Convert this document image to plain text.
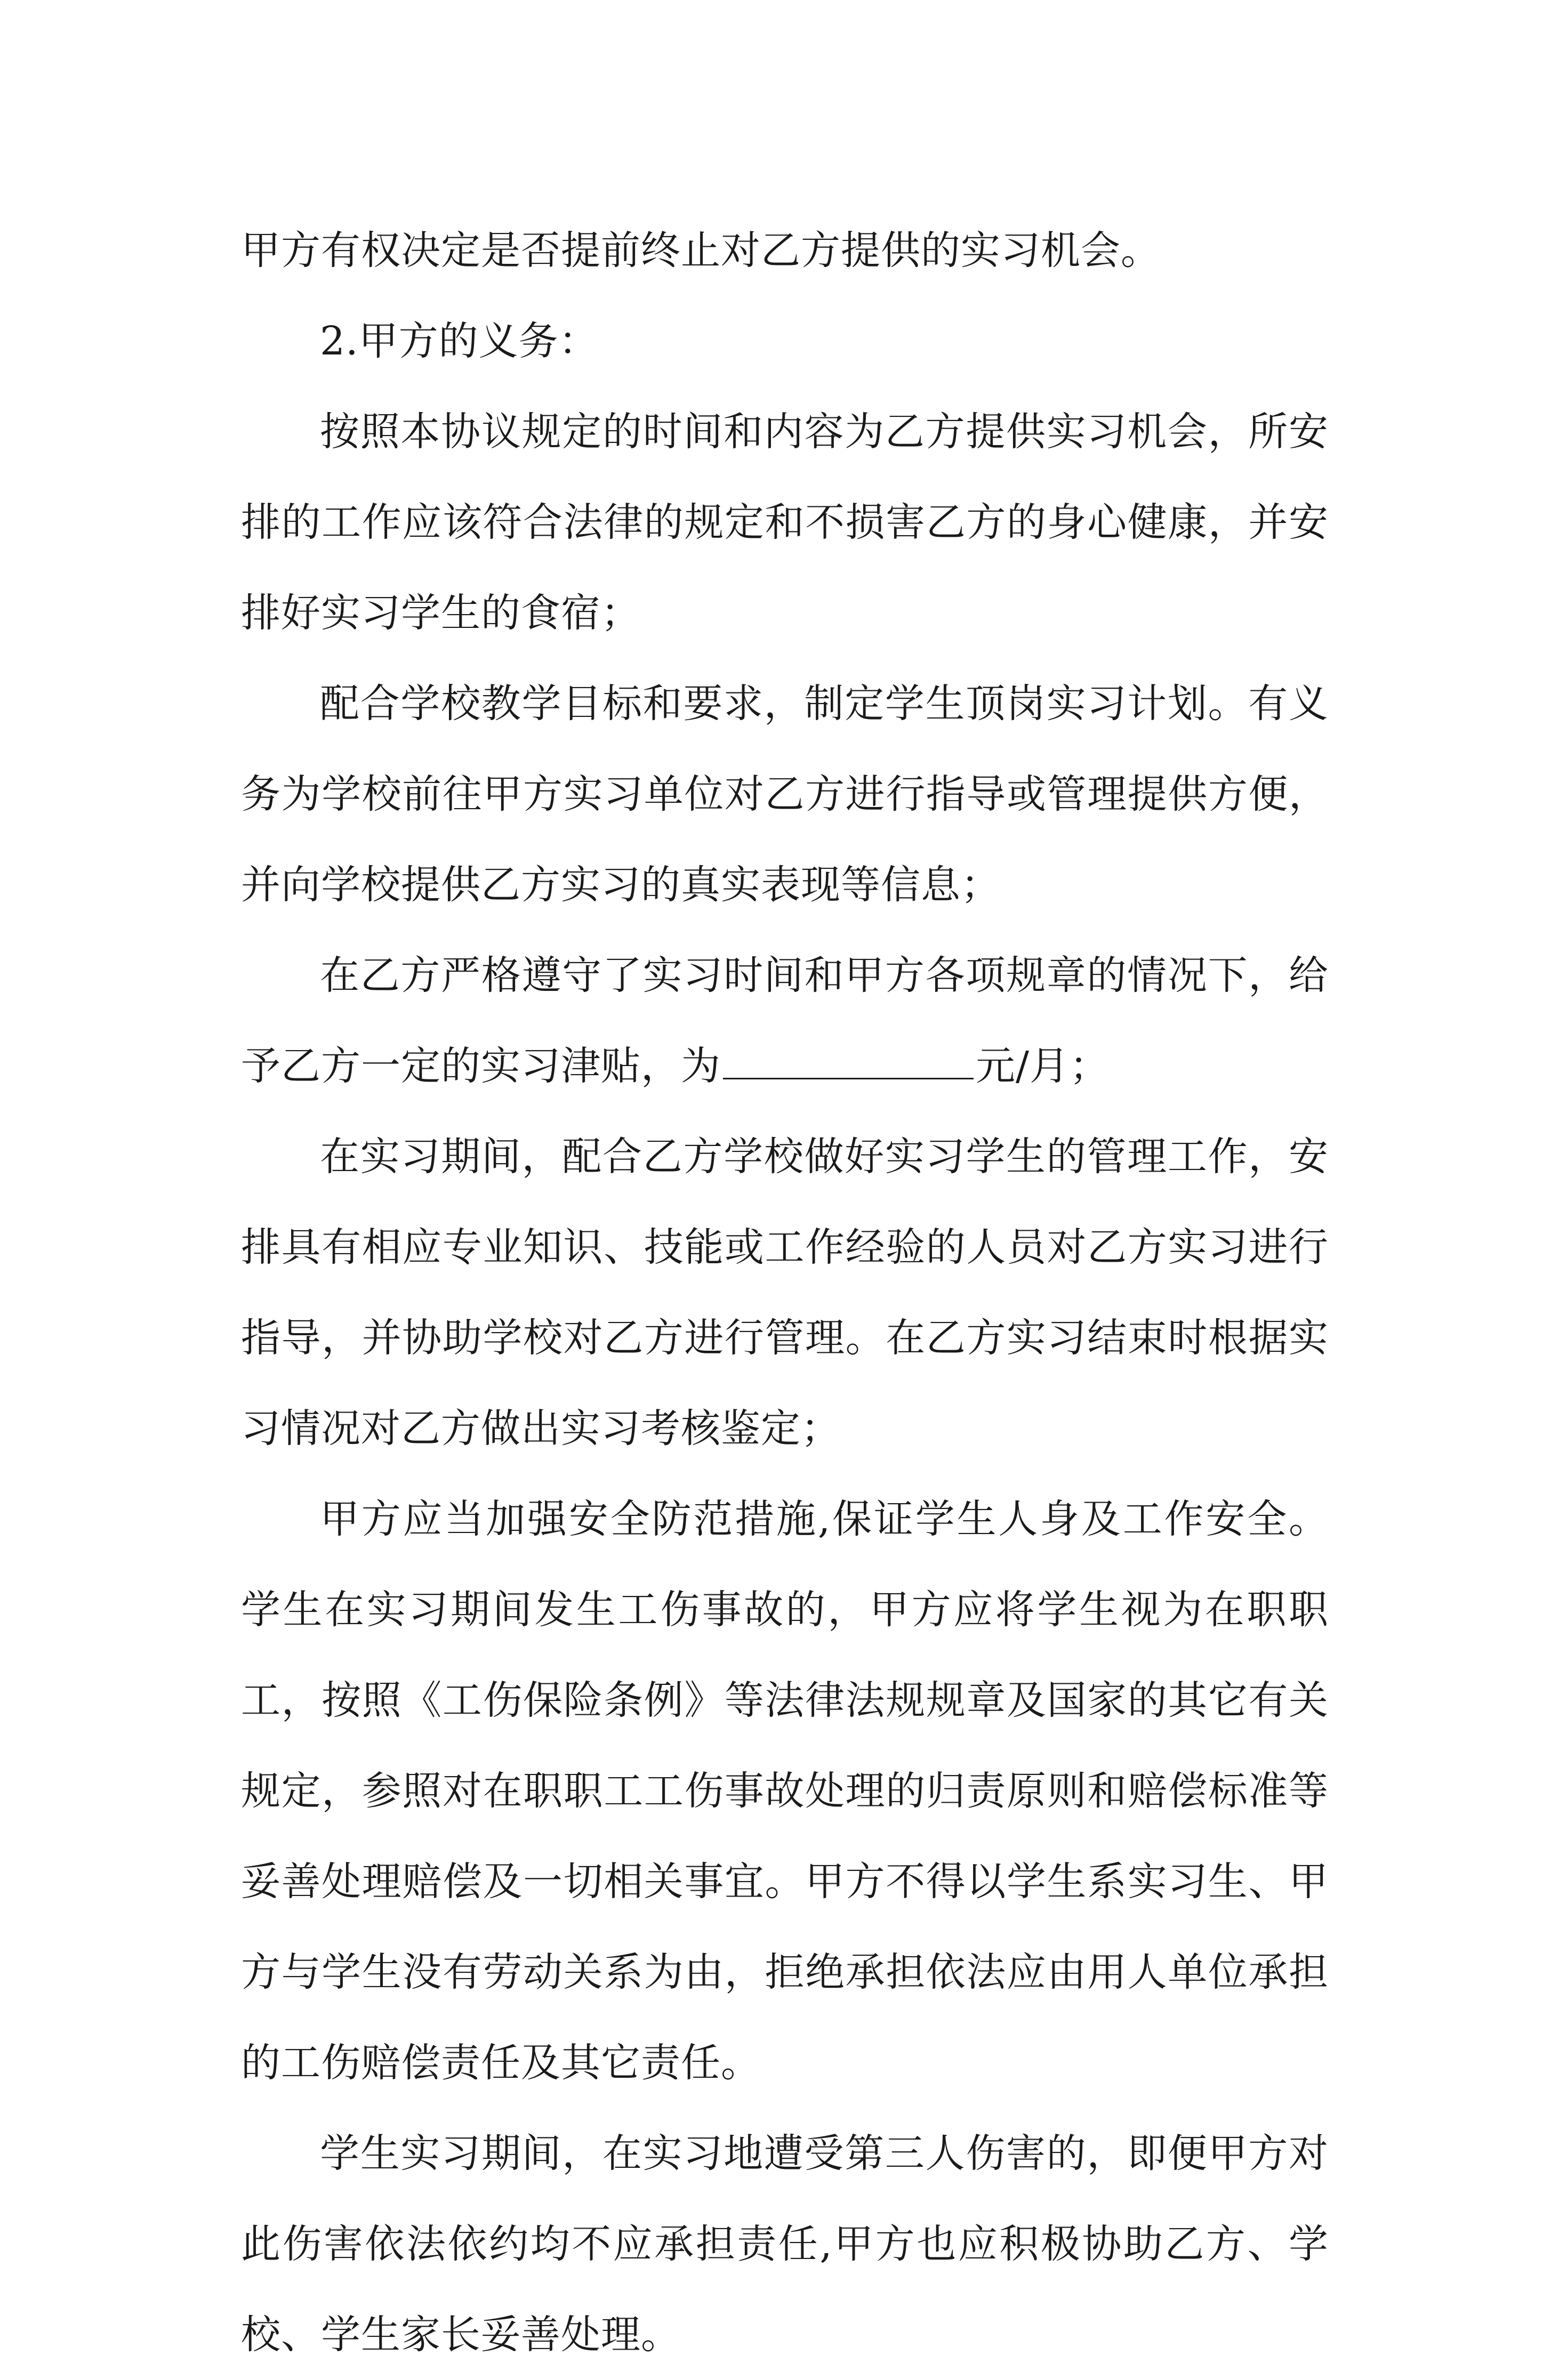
甲方有权决定是否提前终止对乙方提供的实习机会。

2.甲方的义务：

按照本协议规定的时间和内容为乙方提供实习机会，所安排的工作应该符合法律的规定和不损害乙方的身心健康，并安排好实习学生的食宿；

配合学校教学目标和要求，制定学生顶岗实习计划。有义务为学校前往甲方实习单位对乙方进行指导或管理提供方便，并向学校提供乙方实习的真实表现等信息；

在乙方严格遵守了实习时间和甲方各项规章的情况下，给予乙方一定的实习津贴，为	元/月；

在实习期间，配合乙方学校做好实习学生的管理工作，安排具有相应专业知识、技能或工作经验的人员对乙方实习进行指导，并协助学校对乙方进行管理。在乙方实习结束时根据实习情况对乙方做出实习考核鉴定；

甲方应当加强安全防范措施,保证学生人身及工作安全。学生在实习期间发生工伤事故的，甲方应将学生视为在职职工，按照《工伤保险条例》等法律法规规章及国家的其它有关规定，参照对在职职工工伤事故处理的归责原则和赔偿标准等妥善处理赔偿及一切相关事宜。甲方不得以学生系实习生、甲方与学生没有劳动关系为由，拒绝承担依法应由用人单位承担的工伤赔偿责任及其它责任。

学生实习期间，在实习地遭受第三人伤害的，即便甲方对此伤害依法依约均不应承担责任,甲方也应积极协助乙方、学校、学生家长妥善处理。
